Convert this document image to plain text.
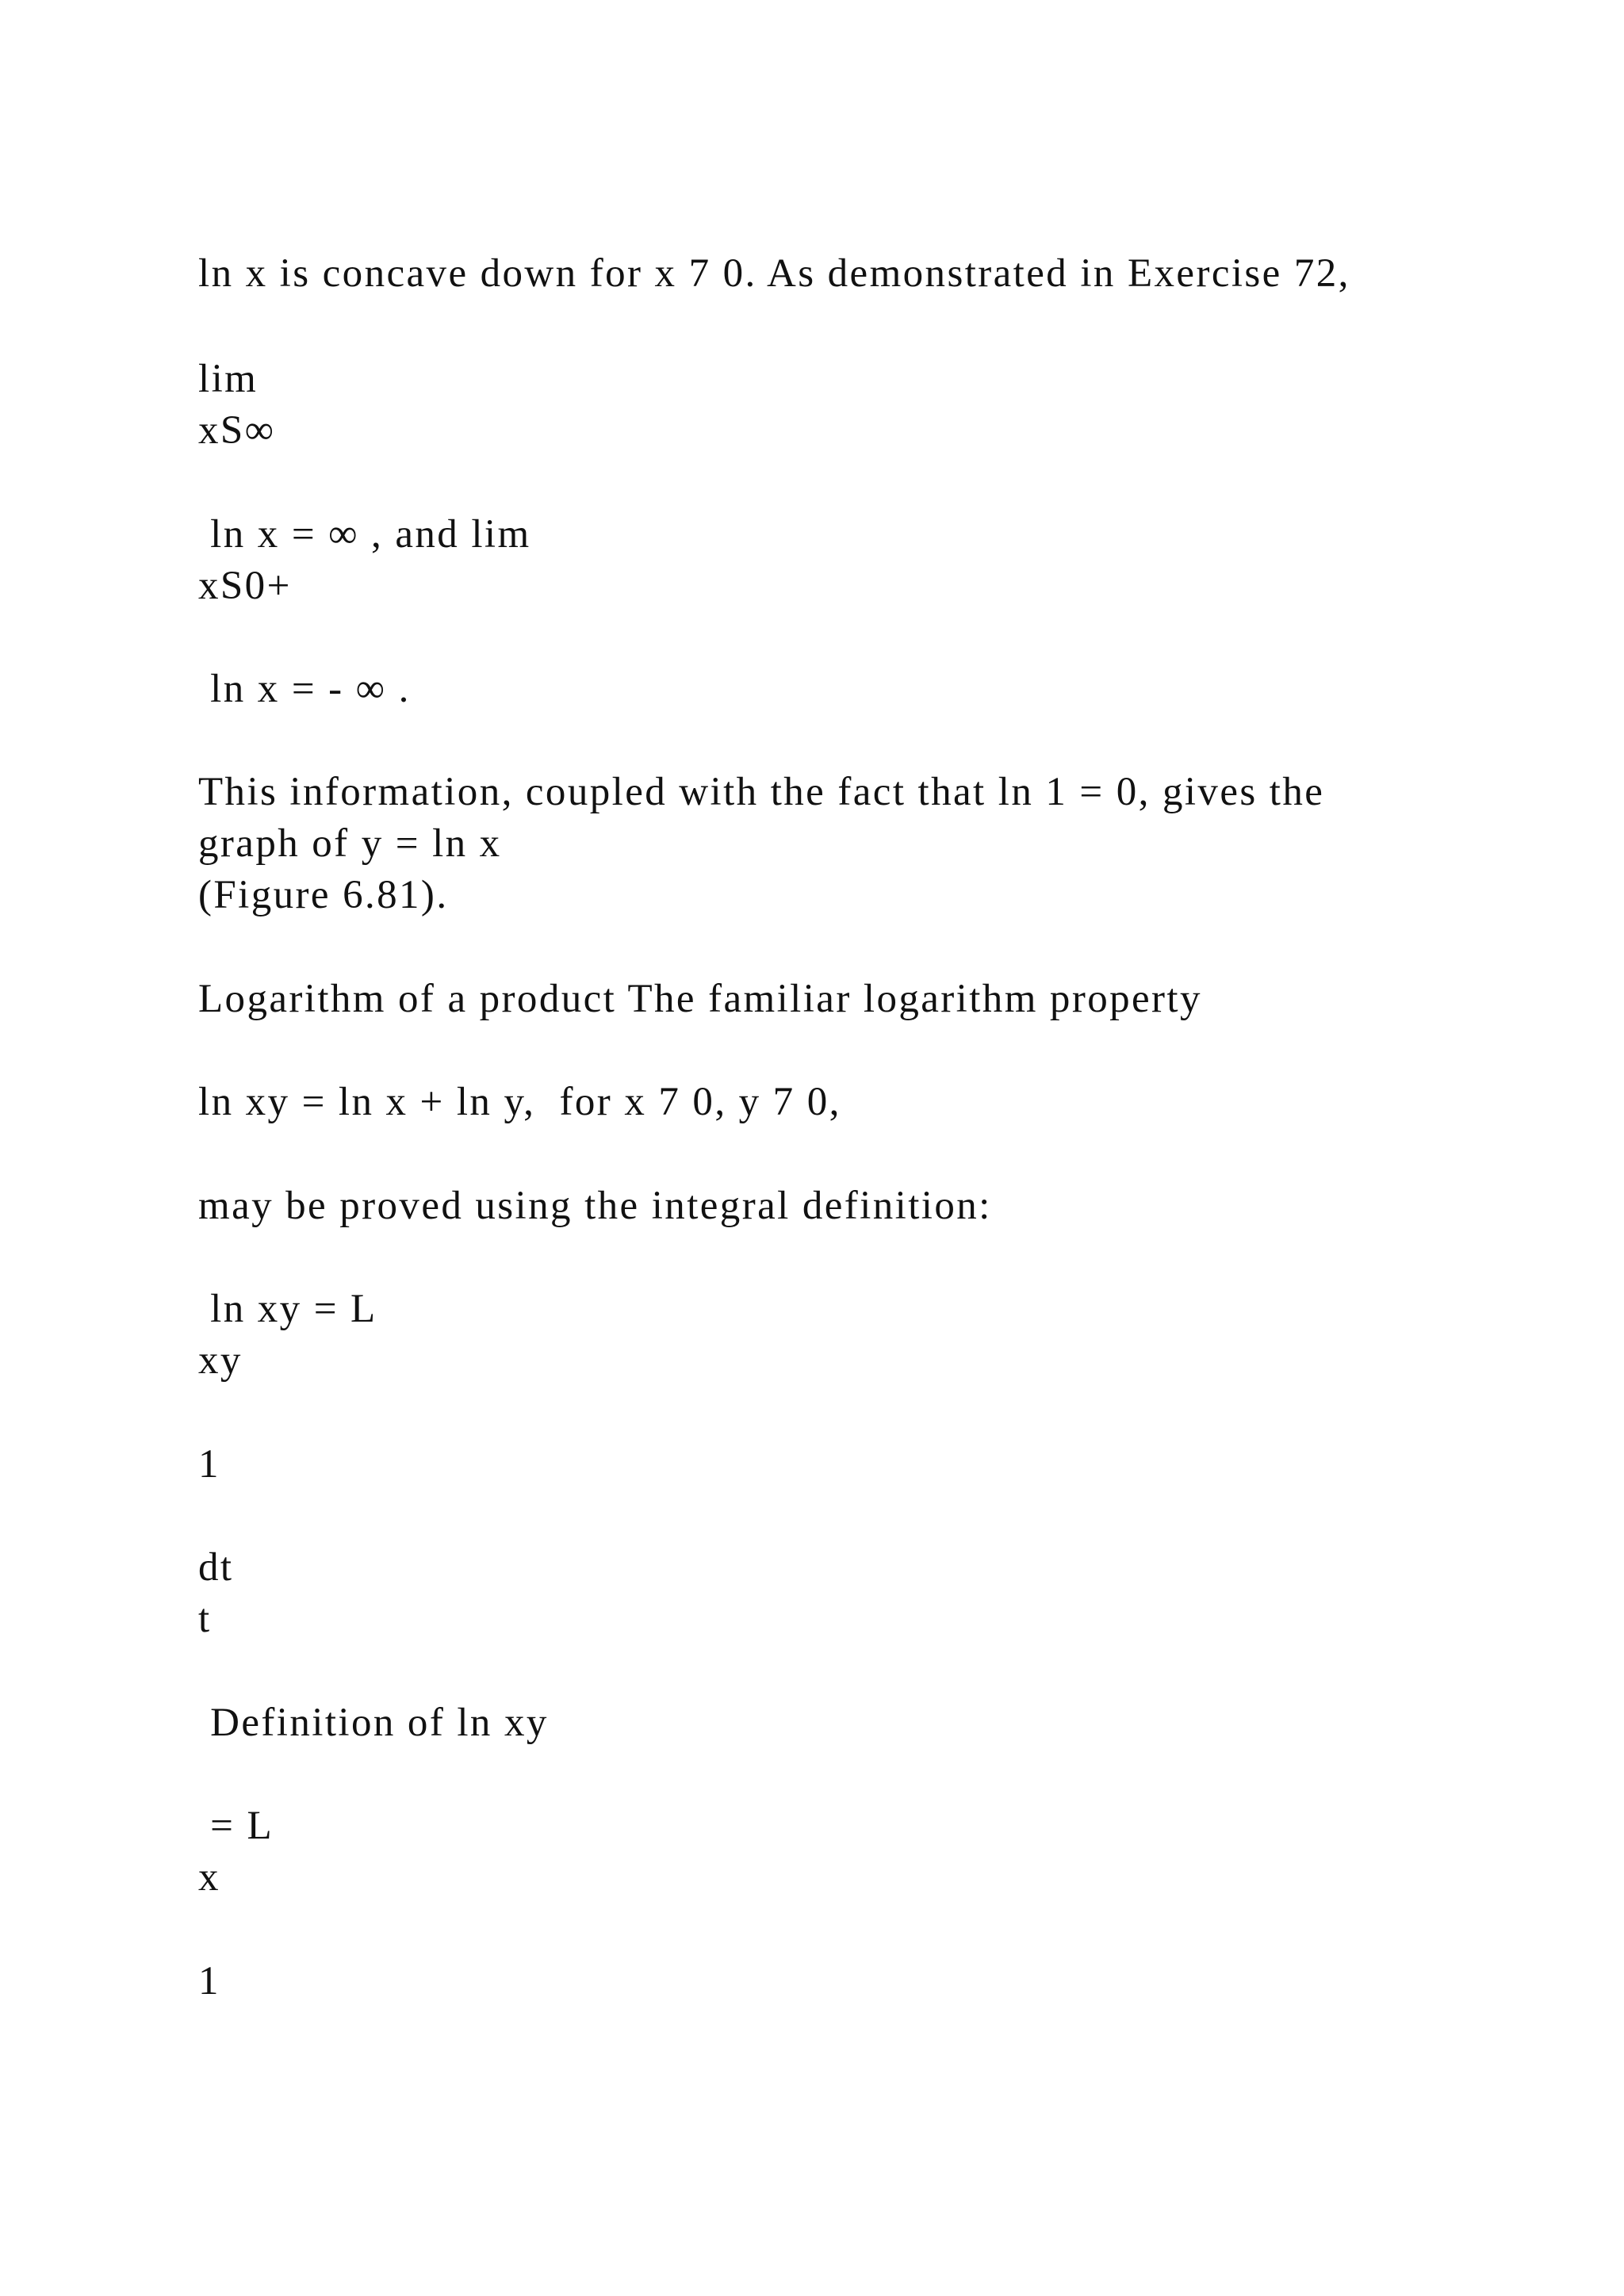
ln x is concave down for x 7 0. As demonstrated in Exercise 72,

lim

xS∞

ln x = ∞ , and lim

xS0+

ln x = - ∞ .

This information, coupled with the fact that ln 1 = 0, gives the

graph of y = ln x

(Figure 6.81).

Logarithm of a product The familiar logarithm property

ln xy = ln x + ln y,  for x 7 0, y 7 0,

may be proved using the integral definition:

ln xy = L

xy

1

dt

t

Definition of ln xy

= L

x

1
